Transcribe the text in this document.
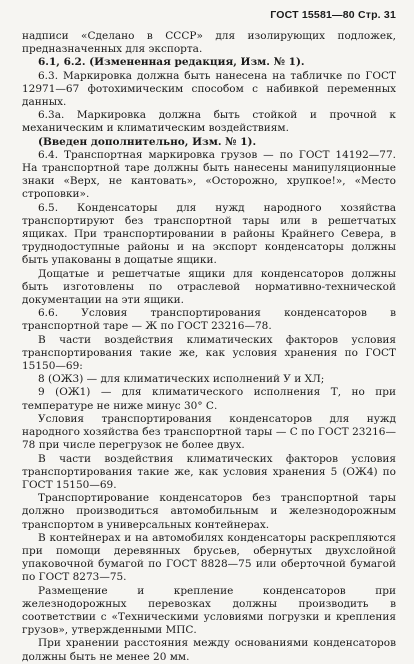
ГОСТ 15581—80 Стр. 31

надписи «Сделано в СССР» для изолирующих подложек, предназначенных для экспорта.

6.1, 6.2. (Измененная редакция, Изм. № 1).

6.3. Маркировка должна быть нанесена на табличке по ГОСТ 12971—67 фотохимическим способом с набивкой переменных данных.

6.3а. Маркировка должна быть стойкой и прочной к механическим и климатическим воздействиям.

(Введен дополнительно, Изм. № 1).

6.4. Транспортная маркировка грузов — по ГОСТ 14192—77. На транспортной таре должны быть нанесены манипуляционные знаки «Верх, не кантовать», «Осторожно, хрупкое!», «Место строповки».

6.5. Конденсаторы для нужд народного хозяйства транспортируют без транспортной тары или в решетчатых ящиках. При транспортировании в районы Крайнего Севера, в труднодоступные районы и на экспорт конденсаторы должны быть упакованы в дощатые ящики.

Дощатые и решетчатые ящики для конденсаторов должны быть изготовлены по отраслевой нормативно-технической документации на эти ящики.

6.6. Условия транспортирования конденсаторов в транспортной таре — Ж по ГОСТ 23216—78.

В части воздействия климатических факторов условия транспортирования такие же, как условия хранения по ГОСТ 15150—69:

8 (ОЖ3) — для климатических исполнений У и ХЛ;

9 (ОЖ1) — для климатического исполнения Т, но при температуре не ниже минус 30° С.

Условия транспортирования конденсаторов для нужд народного хозяйства без транспортной тары — С по ГОСТ 23216—78 при числе перегрузок не более двух.

В части воздействия климатических факторов условия транспортирования такие же, как условия хранения 5 (ОЖ4) по ГОСТ 15150—69.

Транспортирование конденсаторов без транспортной тары должно производиться автомобильным и железнодорожным транспортом в универсальных контейнерах.

В контейнерах и на автомобилях конденсаторы раскрепляются при помощи деревянных брусьев, обернутых двухслойной упаковочной бумагой по ГОСТ 8828—75 или оберточной бумагой по ГОСТ 8273—75.

Размещение и крепление конденсаторов при железнодорожных перевозках должны производить в соответствии с «Техническими условиями погрузки и крепления грузов», утвержденными МПС.

При хранении расстояния между основаниями конденсаторов должны быть не менее 20 мм.
